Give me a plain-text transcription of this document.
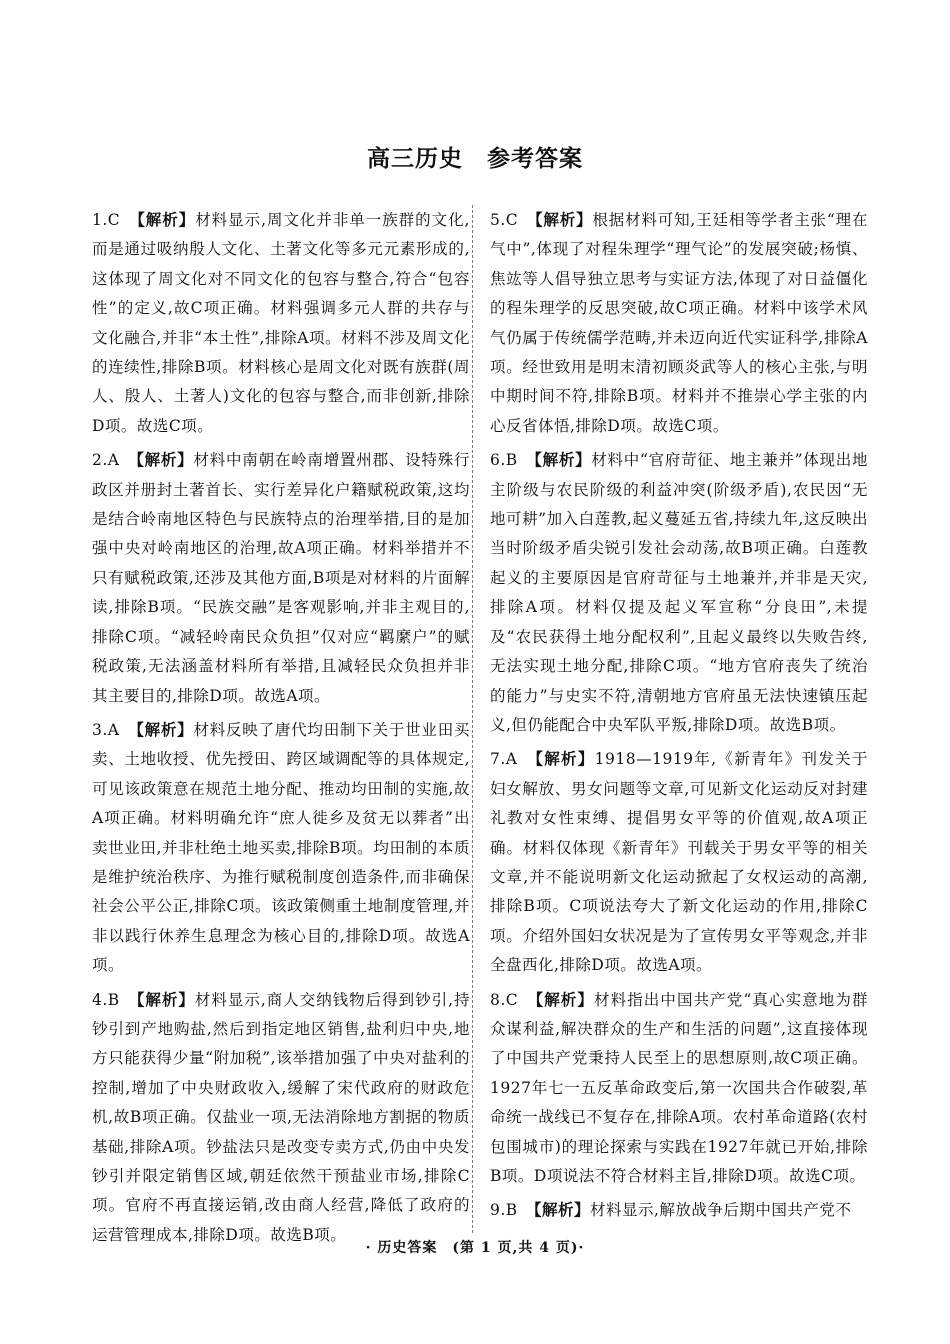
高三历史　参考答案

1.C　 【解析】材料显示,周文化并非单一族群的文化,而是通过吸纳殷人文化、土著文化等多元元素形成的,这体现了周文化对不同文化的包容与整合,符合“包容性”的定义,故C项正确。材料强调多元人群的共存与文化融合,并非“本土性”,排除A项。材料不涉及周文化的连续性,排除B项。材料核心是周文化对既有族群(周人、殷人、土著人)文化的包容与整合,而非创新,排除D项。故选C项。

2.A　 【解析】材料中南朝在岭南增置州郡、设特殊行政区并册封土著首长、实行差异化户籍赋税政策,这均是结合岭南地区特色与民族特点的治理举措,目的是加强中央对岭南地区的治理,故A项正确。材料举措并不只有赋税政策,还涉及其他方面,B项是对材料的片面解读,排除B项。“民族交融”是客观影响,并非主观目的,排除C项。“减轻岭南民众负担”仅对应“羁縻户”的赋税政策,无法涵盖材料所有举措,且减轻民众负担并非其主要目的,排除D项。故选A项。

3.A　 【解析】材料反映了唐代均田制下关于世业田买卖、土地收授、优先授田、跨区域调配等的具体规定,可见该政策意在规范土地分配、推动均田制的实施,故A项正确。材料明确允许“庶人徙乡及贫无以葬者”出卖世业田,并非杜绝土地买卖,排除B项。均田制的本质是维护统治秩序、为推行赋税制度创造条件,而非确保社会公平公正,排除C项。该政策侧重土地制度管理,并非以践行休养生息理念为核心目的,排除D项。故选A项。

4.B　 【解析】材料显示,商人交纳钱物后得到钞引,持钞引到产地购盐,然后到指定地区销售,盐利归中央,地方只能获得少量“附加税”,该举措加强了中央对盐利的控制,增加了中央财政收入,缓解了宋代政府的财政危机,故B项正确。仅盐业一项,无法消除地方割据的物质基础,排除A项。钞盐法只是改变专卖方式,仍由中央发钞引并限定销售区域,朝廷依然干预盐业市场,排除C项。官府不再直接运销,改由商人经营,降低了政府的运营管理成本,排除D项。故选B项。

5.C　 【解析】根据材料可知,王廷相等学者主张“理在气中”,体现了对程朱理学“理气论”的发展突破;杨慎、焦竑等人倡导独立思考与实证方法,体现了对日益僵化的程朱理学的反思突破,故C项正确。材料中该学术风气仍属于传统儒学范畴,并未迈向近代实证科学,排除A项。经世致用是明末清初顾炎武等人的核心主张,与明中期时间不符,排除B项。材料并不推崇心学主张的内心反省体悟,排除D项。故选C项。

6.B　 【解析】材料中“官府苛征、地主兼并”体现出地主阶级与农民阶级的利益冲突(阶级矛盾),农民因“无地可耕”加入白莲教,起义蔓延五省,持续九年,这反映出当时阶级矛盾尖锐引发社会动荡,故B项正确。白莲教起义的主要原因是官府苛征与土地兼并,并非是天灾,排除A项。材料仅提及起义军宣称“分良田”,未提及“农民获得土地分配权利”,且起义最终以失败告终,无法实现土地分配,排除C项。“地方官府丧失了统治的能力”与史实不符,清朝地方官府虽无法快速镇压起义,但仍能配合中央军队平叛,排除D项。故选B项。

7.A　 【解析】1918—1919年,《新青年》刊发关于妇女解放、男女问题等文章,可见新文化运动反对封建礼教对女性束缚、提倡男女平等的价值观,故A项正确。材料仅体现《新青年》刊载关于男女平等的相关文章,并不能说明新文化运动掀起了女权运动的高潮,排除B项。C项说法夸大了新文化运动的作用,排除C项。介绍外国妇女状况是为了宣传男女平等观念,并非全盘西化,排除D项。故选A项。

8.C　 【解析】材料指出中国共产党“真心实意地为群众谋利益,解决群众的生产和生活的问题”,这直接体现了中国共产党秉持人民至上的思想原则,故C项正确。1927年七一五反革命政变后,第一次国共合作破裂,革命统一战线已不复存在,排除A项。农村革命道路(农村包围城市)的理论探索与实践在1927年就已开始,排除B项。D项说法不符合材料主旨,排除D项。故选C项。

9.B　 【解析】材料显示,解放战争后期中国共产党不

· 历史答案　(第 1 页,共 4 页)·
